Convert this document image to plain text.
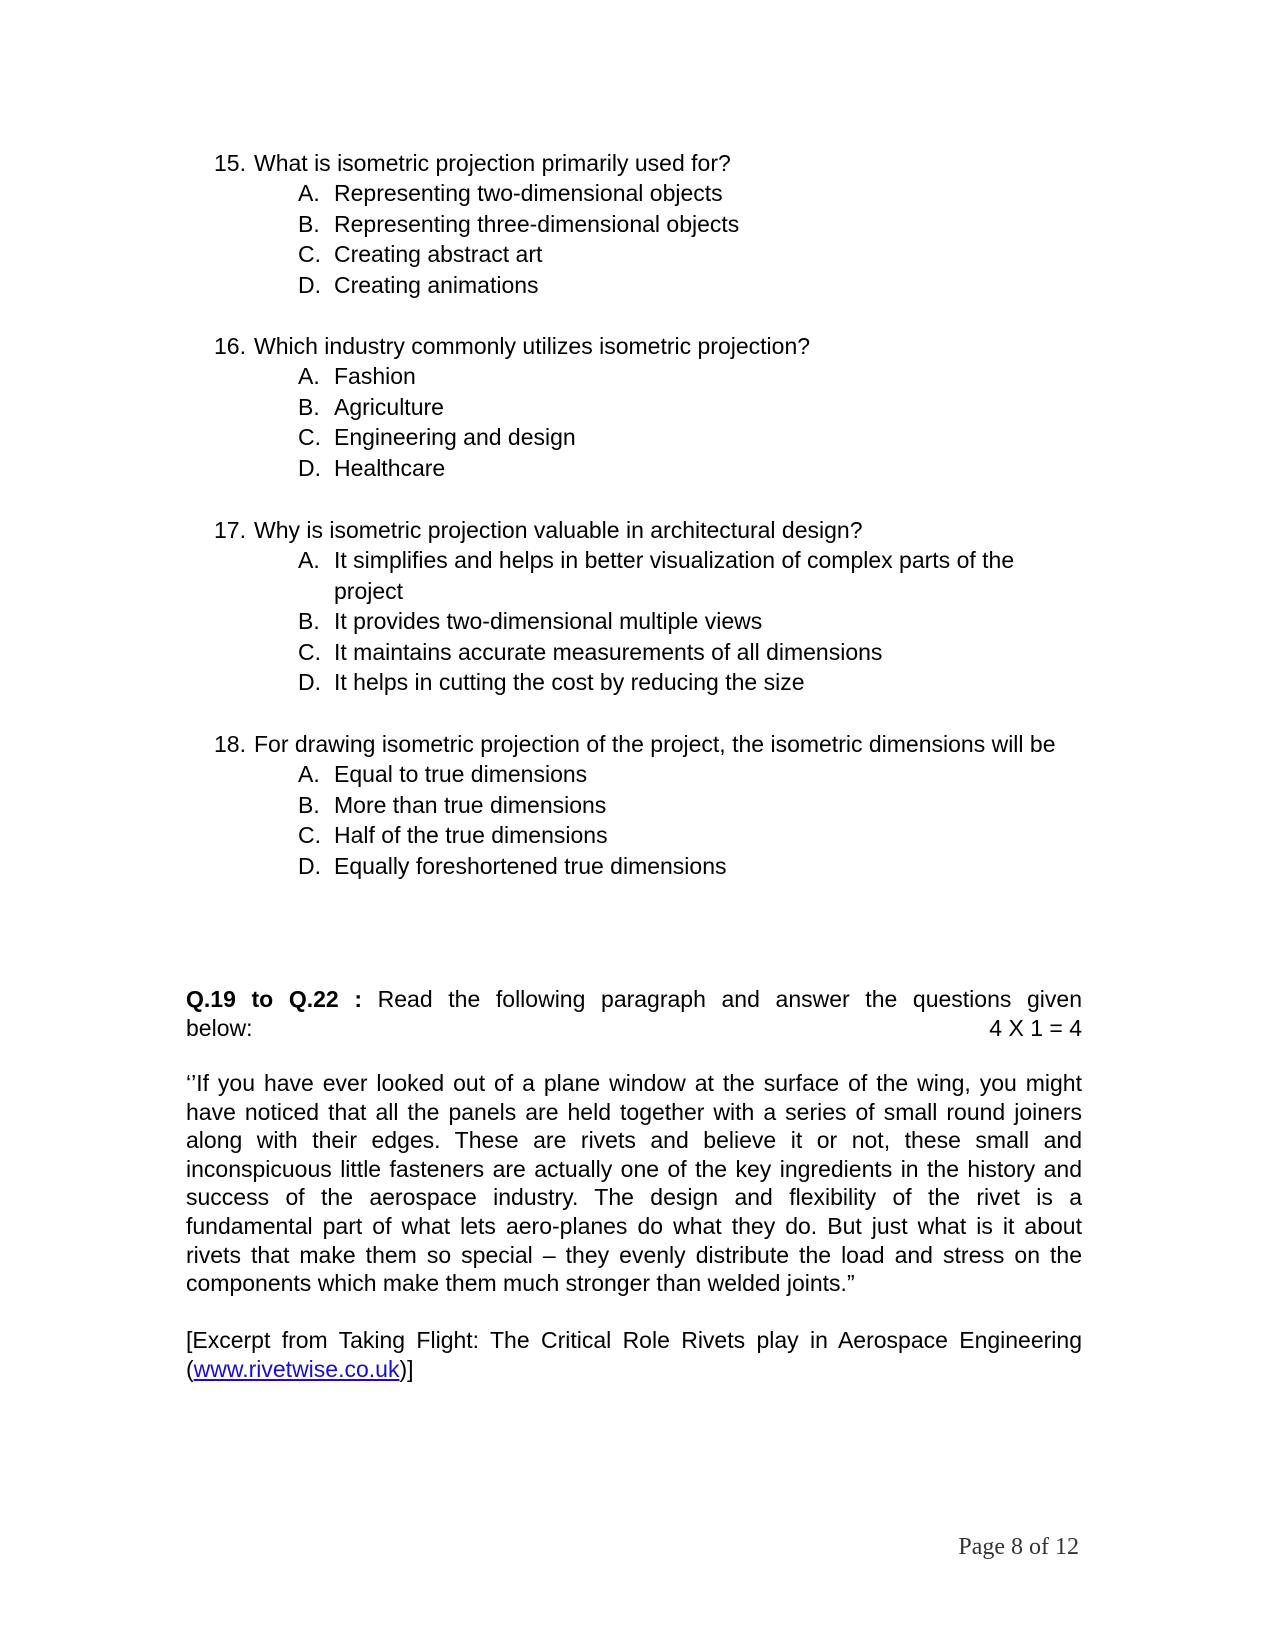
15. What is isometric projection primarily used for?
A. Representing two-dimensional objects
B. Representing three-dimensional objects
C. Creating abstract art
D. Creating animations
16. Which industry commonly utilizes isometric projection?
A. Fashion
B. Agriculture
C. Engineering and design
D. Healthcare
17. Why is isometric projection valuable in architectural design?
A. It simplifies and helps in better visualization of complex parts of the project
B. It provides two-dimensional multiple views
C. It maintains accurate measurements of all dimensions
D. It helps in cutting the cost by reducing the size
18. For drawing isometric projection of the project, the isometric dimensions will be
A. Equal to true dimensions
B. More than true dimensions
C. Half of the true dimensions
D. Equally foreshortened true dimensions
Q.19 to Q.22 : Read the following paragraph and answer the questions given
below:	4 X 1 = 4
‘’If you have ever looked out of a plane window at the surface of the wing, you might have noticed that all the panels are held together with a series of small round joiners along with their edges. These are rivets and believe it or not, these small and inconspicuous little fasteners are actually one of the key ingredients in the history and success of the aerospace industry. The design and flexibility of the rivet is a fundamental part of what lets aero-planes do what they do. But just what is it about rivets that make them so special – they evenly distribute the load and stress on the components which make them much stronger than welded joints.”
[Excerpt from Taking Flight: The Critical Role Rivets play in Aerospace Engineering (www.rivetwise.co.uk)]
Page 8 of 12
